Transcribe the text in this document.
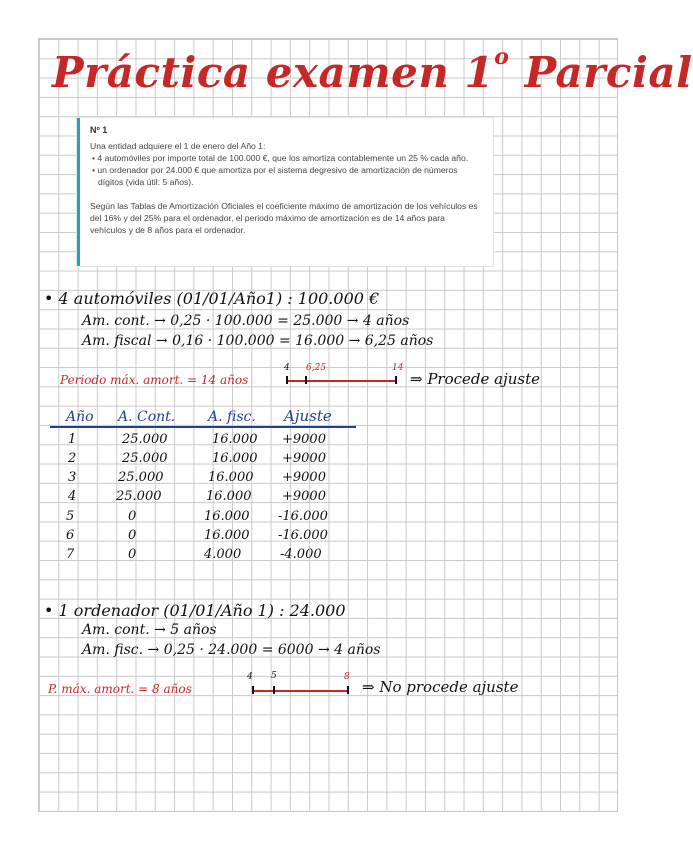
Práctica examen 1$^o$ Parcial
Nº 1

Una entidad adquiere el 1 de enero del Año 1:

• 4 automóviles por importe total de 100.000 €, que los amortiza contablemente un 25 % cada año.

• un ordenador por 24.000 € que amortiza por el sistema degresivo de amortización de números dígitos (vida útil: 5 años).

Según las Tablas de Amortización Oficiales el coeficiente máximo de amortización de los vehículos es del 16% y del 25% para el ordenador, el periodo máximo de amortización es de 14 años para vehículos y de 8 años para el ordenador.

• 4 automóviles (01/01/Año1) : 100.000 €
Am. cont. → 0,25 · 100.000 = 25.000 → 4 años
Am. fiscal → 0,16 · 100.000 = 16.000 → 6,25 años
Periodo máx. amort. = 14 años
4 6,25	14
⇒ Procede ajuste
Año A. Cont. A. fisc. Ajuste
1	25.000	16.000 +9000
2	25.000	16.000 +9000
3	25.000	16.000 +9000
4	25.000	16.000 +9000
5	0	16.000 -16.000
6	0	16.000 -16.000
7	0	4.000	-4.000
• 1 ordenador (01/01/Año 1) : 24.000
Am. cont. → 5 años
Am. fisc. → 0,25 · 24.000 = 6000 → 4 años
P. máx. amort. = 8 años
4 5	8
⇒ No procede ajuste
